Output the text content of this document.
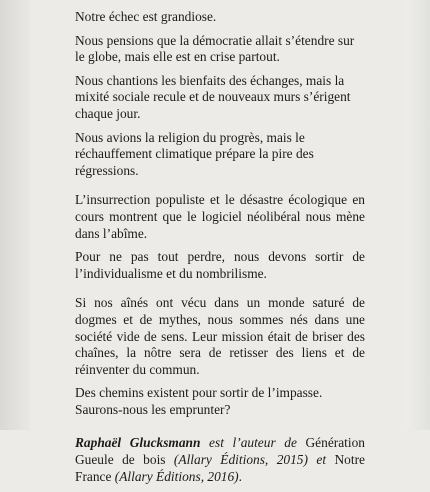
Notre échec est grandiose.

Nous pensions que la démocratie allait s’étendre sur le globe, mais elle est en crise partout.

Nous chantions les bienfaits des échanges, mais la mixité sociale recule et de nouveaux murs s’érigent chaque jour.

Nous avions la religion du progrès, mais le réchauffement climatique prépare la pire des régressions.

L’insurrection populiste et le désastre écologique en cours montrent que le logiciel néolibéral nous mène dans l’abîme.

Pour ne pas tout perdre, nous devons sortir de l’individualisme et du nombrilisme.

Si nos aînés ont vécu dans un monde saturé de dogmes et de mythes, nous sommes nés dans une société vide de sens. Leur mission était de briser des chaînes, la nôtre sera de retisser des liens et de réinventer du commun.

Des chemins existent pour sortir de l’impasse. Saurons-nous les emprunter?

Raphaël Glucksmann est l’auteur de Génération Gueule de bois (Allary Éditions, 2015) et Notre France (Allary Éditions, 2016).
